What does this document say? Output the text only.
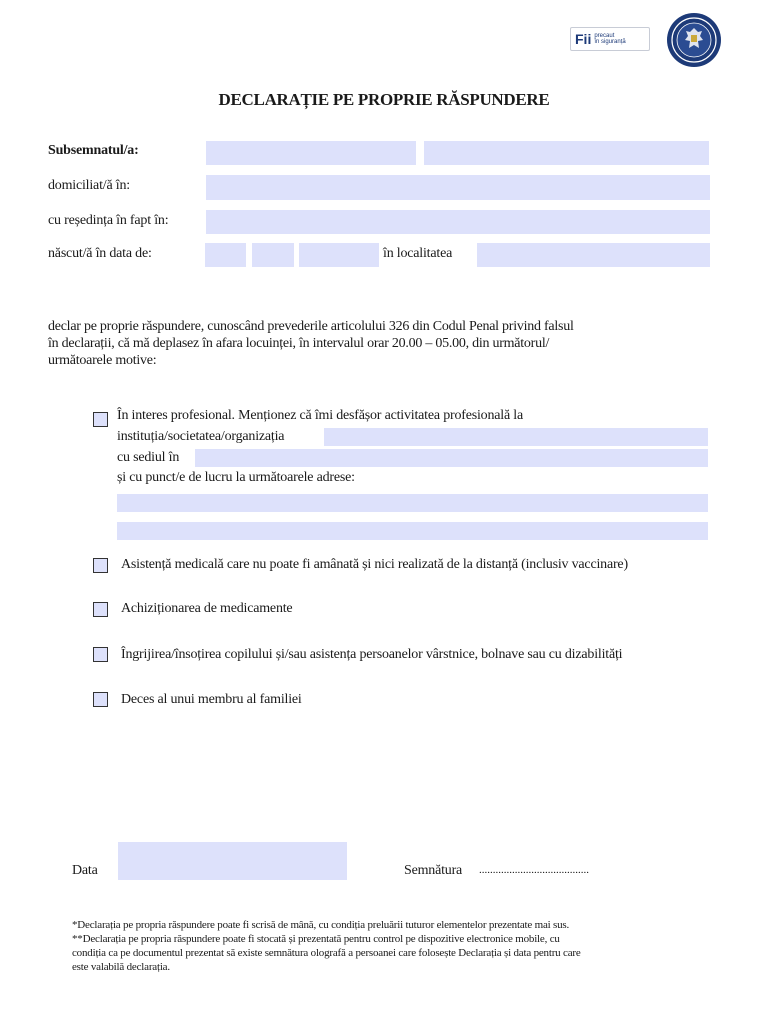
Fii precaut
în siguranță
DECLARAȚIE PE PROPRIE RĂSPUNDERE
Subsemnatul/a:
domiciliat/ă în:
cu reședința în fapt în:
născut/ă în data de:	în localitatea
declar pe proprie răspundere, cunoscând prevederile articolului 326 din Codul Penal privind falsul
în declarații, că mă deplasez în afara locuinței, în intervalul orar 20.00 – 05.00, din următorul/
următoarele motive:
În interes profesional. Menționez că îmi desfășor activitatea profesională la
instituția/societatea/organizația
cu sediul în
și cu punct/e de lucru la următoarele adrese:
Asistență medicală care nu poate fi amânată și nici realizată de la distanță (inclusiv vaccinare)
Achiziționarea de medicamente
Îngrijirea/însoțirea copilului și/sau asistența persoanelor vârstnice, bolnave sau cu dizabilități
Deces al unui membru al familiei
Data	Semnătura ........................................
*Declarația pe propria răspundere poate fi scrisă de mână, cu condiția preluării tuturor elementelor prezentate mai sus.
**Declarația pe propria răspundere poate fi stocată și prezentată pentru control pe dispozitive electronice mobile, cu
condiția ca pe documentul prezentat să existe semnătura olografă a persoanei care folosește Declarația și data pentru care
este valabilă declarația.
